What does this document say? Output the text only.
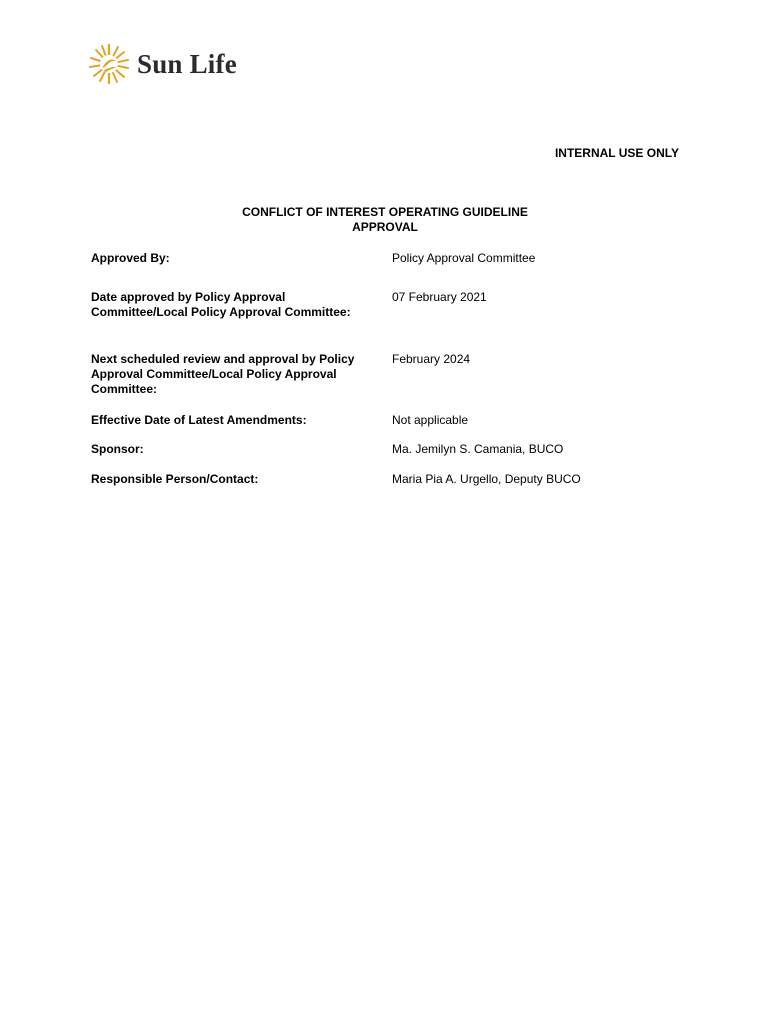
Sun Life
INTERNAL USE ONLY
CONFLICT OF INTEREST OPERATING GUIDELINE
APPROVAL
Approved By:	Policy Approval Committee
Date approved by Policy Approval Committee/Local Policy Approval Committee:
07 February 2021
Next scheduled review and approval by Policy Approval Committee/Local Policy Approval Committee:
February 2024
Effective Date of Latest Amendments:	Not applicable
Sponsor:	Ma. Jemilyn S. Camania, BUCO
Responsible Person/Contact:	Maria Pia A. Urgello, Deputy BUCO
